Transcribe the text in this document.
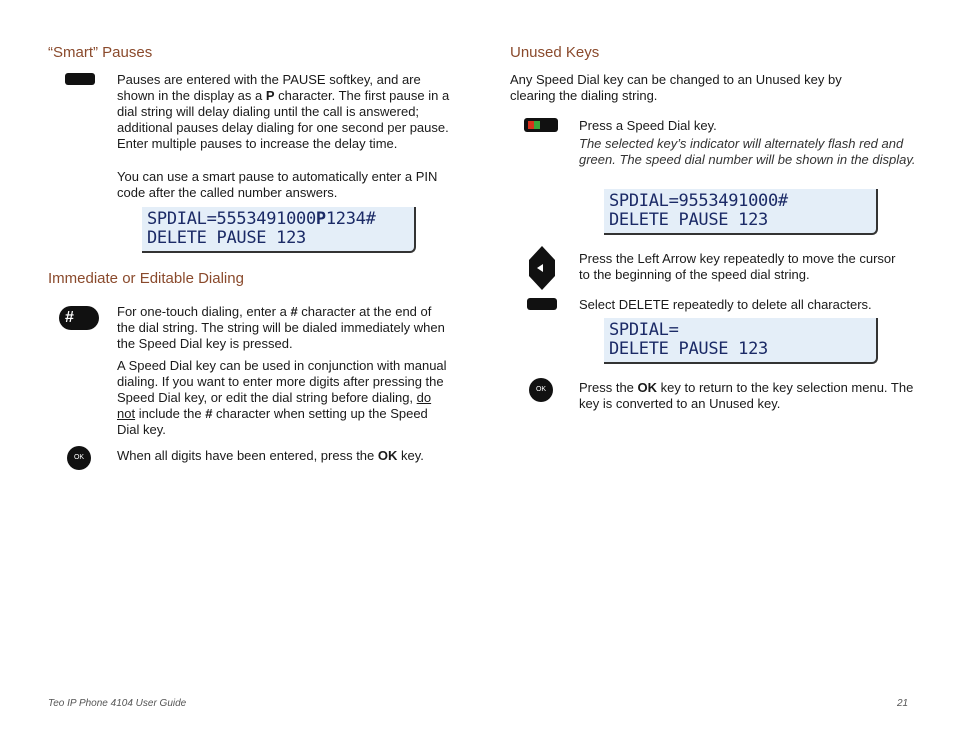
“Smart” Pauses
Pauses are entered with the PAUSE softkey, and are shown in the display as a P character. The first pause in a dial string will delay dialing until the call is answered; additional pauses delay dialing for one second per pause. Enter multiple pauses to increase the delay time.
You can use a smart pause to automatically enter a PIN code after the called number answers.
SPDIAL=5553491000P1234#
DELETE PAUSE 123
Immediate or Editable Dialing
#	For one-touch dialing, enter a # character at the end of the dial string. The string will be dialed immediately when the Speed Dial key is pressed.
A Speed Dial key can be used in conjunction with manual dialing. If you want to enter more digits after pressing the Speed Dial key, or edit the dial string before dialing, do not include the # character when setting up the Speed Dial key.
OK	When all digits have been entered, press the OK key.
Unused Keys
Any Speed Dial key can be changed to an Unused key by clearing the dialing string.
Press a Speed Dial key.
The selected key’s indicator will alternately flash red and green. The speed dial number will be shown in the display.
SPDIAL=9553491000#
DELETE PAUSE 123
Press the Left Arrow key repeatedly to move the cursor to the beginning of the speed dial string.
Select DELETE repeatedly to delete all characters.
SPDIAL=
DELETE PAUSE 123
OK	Press the OK key to return to the key selection menu. The key is converted to an Unused key.
Teo IP Phone 4104 User Guide	21
